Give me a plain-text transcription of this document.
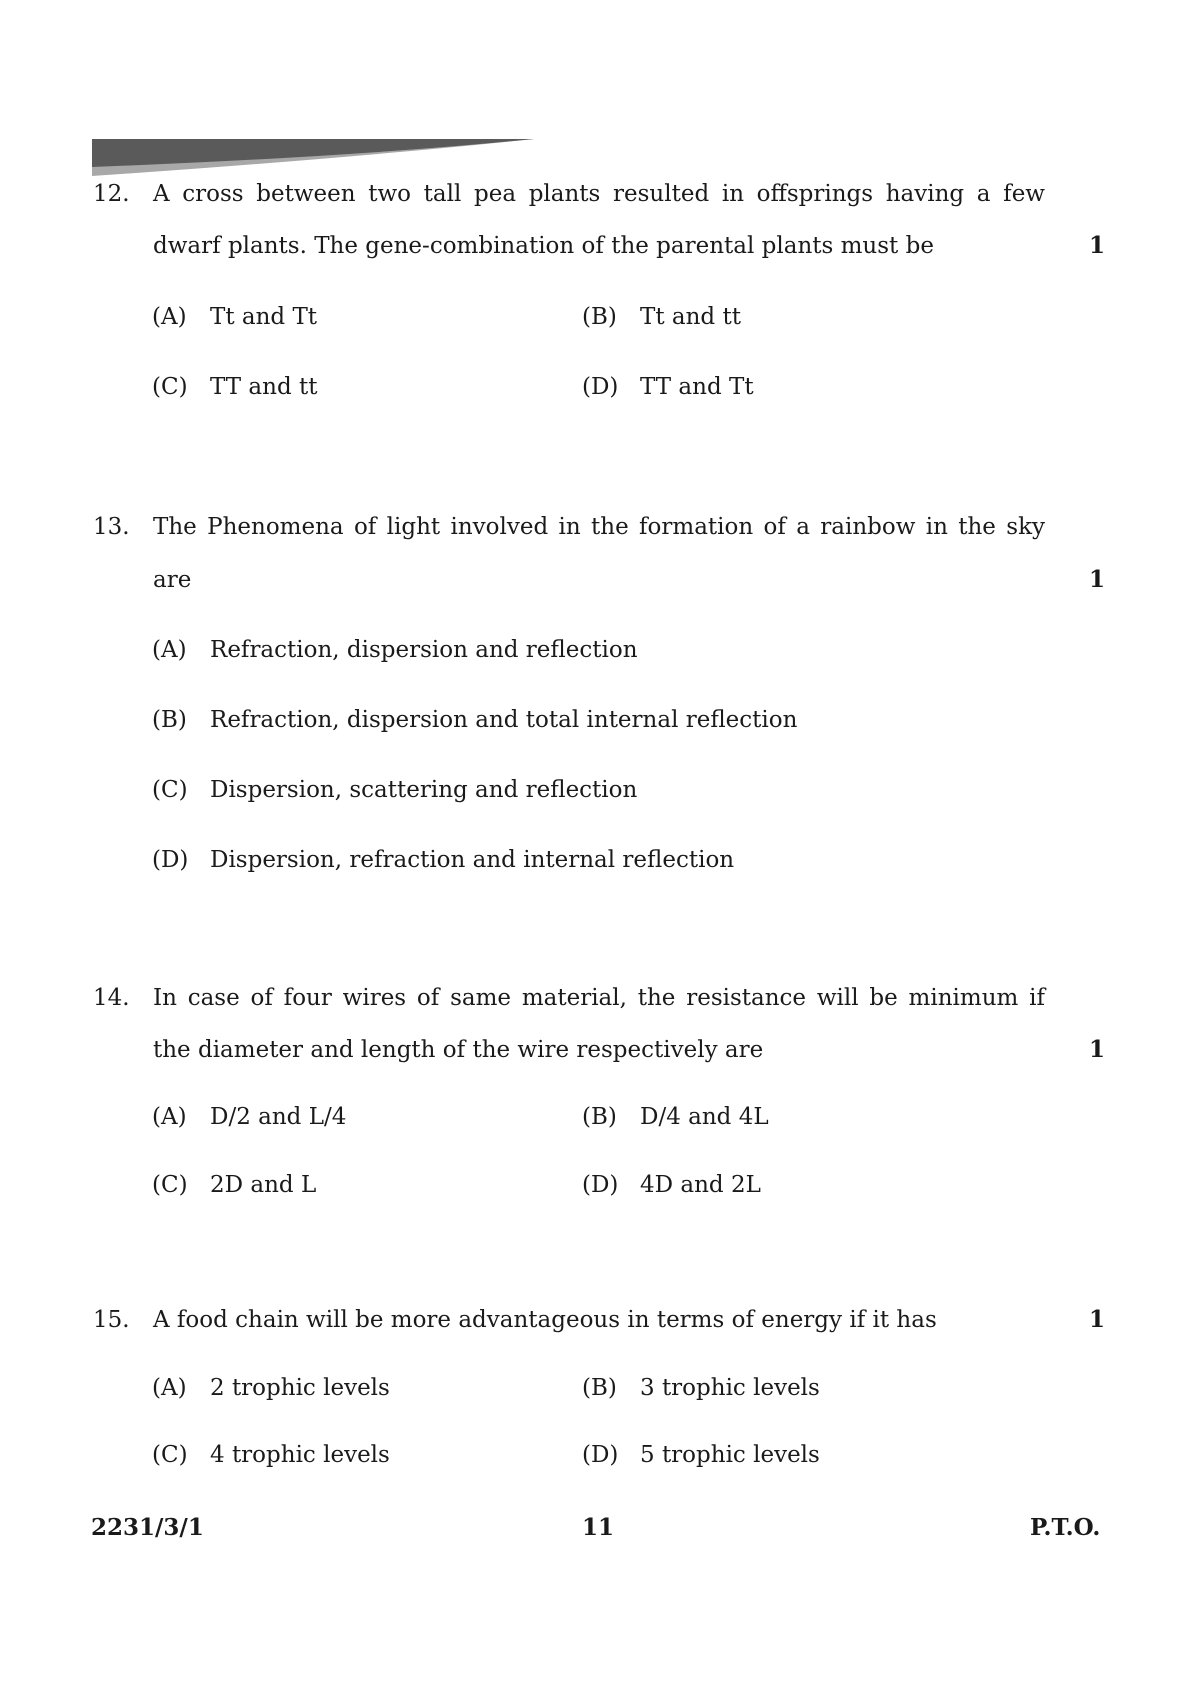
12. A cross between two tall pea plants resulted in offsprings having a few
dwarf plants. The gene-combination of the parental plants must be	1
(A) Tt and Tt	(B) Tt and tt
(C) TT and tt	(D) TT and Tt
13. The Phenomena of light involved in the formation of a rainbow in the sky
are	1
(A) Refraction, dispersion and reflection
(B) Refraction, dispersion and total internal reflection
(C) Dispersion, scattering and reflection
(D) Dispersion, refraction and internal reflection
14. In case of four wires of same material, the resistance will be minimum if
the diameter and length of the wire respectively are	1
(A) D/2 and L/4	(B) D/4 and 4L
(C) 2D and L	(D) 4D and 2L
15. A food chain will be more advantageous in terms of energy if it has	1
(A) 2 trophic levels	(B) 3 trophic levels
(C) 4 trophic levels	(D) 5 trophic levels
2231/3/1	11	P.T.O.
